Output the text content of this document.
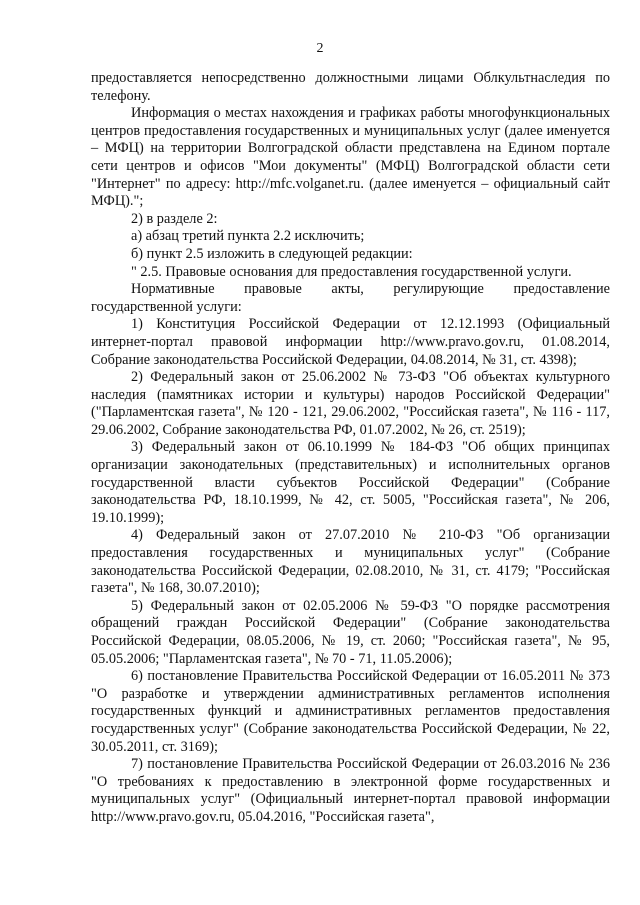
2

предоставляется непосредственно должностными лицами Облкультнаследия по телефону.

Информация о местах нахождения и графиках работы многофункциональных центров предоставления государственных и муниципальных услуг (далее именуется – МФЦ) на территории Волгоградской области представлена на Едином портале сети центров и офисов "Мои документы" (МФЦ) Волгоградской области сети "Интернет" по адресу: http://mfc.volganet.ru. (далее именуется – официальный сайт МФЦ).";

2) в разделе 2:

а) абзац третий пункта 2.2 исключить;

б) пункт 2.5 изложить в следующей редакции:

" 2.5. Правовые основания для предоставления государственной услуги.

Нормативные правовые акты, регулирующие предоставление государственной услуги:

1) Конституция Российской Федерации от 12.12.1993 (Официальный интернет-портал правовой информации http://www.pravo.gov.ru, 01.08.2014, Собрание законодательства Российской Федерации, 04.08.2014, № 31, ст. 4398);

2) Федеральный закон от 25.06.2002 № 73-ФЗ "Об объектах культурного наследия (памятниках истории и культуры) народов Российской Федерации" ("Парламентская газета", № 120 - 121, 29.06.2002, "Российская газета", № 116 - 117, 29.06.2002, Собрание законодательства РФ, 01.07.2002, № 26, ст. 2519);

3) Федеральный закон от 06.10.1999 № 184-ФЗ "Об общих принципах организации законодательных (представительных) и исполнительных органов государственной власти субъектов Российской Федерации" (Собрание законодательства РФ, 18.10.1999, № 42, ст. 5005, "Российская газета", № 206, 19.10.1999);

4) Федеральный закон от 27.07.2010 № 210-ФЗ "Об организации предоставления государственных и муниципальных услуг" (Собрание законодательства Российской Федерации, 02.08.2010, № 31, ст. 4179; "Российская газета", № 168, 30.07.2010);

5) Федеральный закон от 02.05.2006 № 59-ФЗ "О порядке рассмотрения обращений граждан Российской Федерации" (Собрание законодательства Российской Федерации, 08.05.2006, № 19, ст. 2060; "Российская газета", № 95, 05.05.2006; "Парламентская газета", № 70 - 71, 11.05.2006);

6) постановление Правительства Российской Федерации от 16.05.2011 № 373 "О разработке и утверждении административных регламентов исполнения государственных функций и административных регламентов предоставления государственных услуг" (Собрание законодательства Российской Федерации, № 22, 30.05.2011, ст. 3169);

7) постановление Правительства Российской Федерации от 26.03.2016 № 236 "О требованиях к предоставлению в электронной форме государственных и муниципальных услуг" (Официальный интернет-портал правовой информации http://www.pravo.gov.ru, 05.04.2016, "Российская газета",
